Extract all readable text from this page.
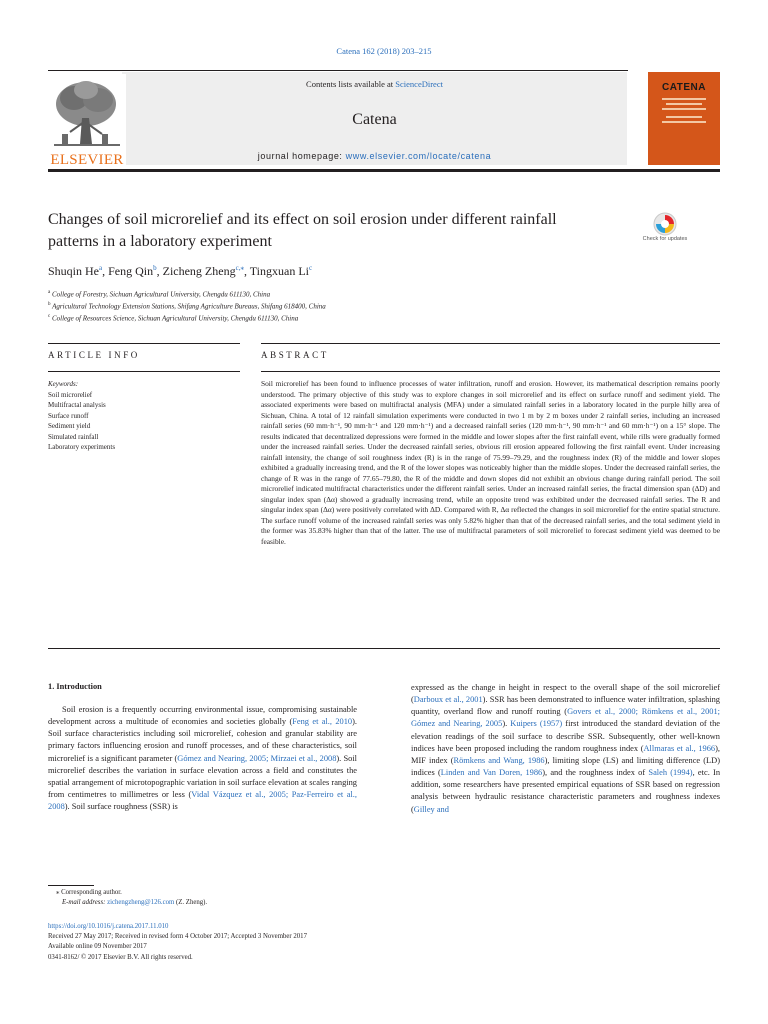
Catena 162 (2018) 203–215
ELSEVIER
Contents lists available at ScienceDirect
Catena
journal homepage: www.elsevier.com/locate/catena
CATENA
Changes of soil microrelief and its effect on soil erosion under different rainfall patterns in a laboratory experiment	Check for updates
Shuqin He$^a$, Feng Qin$^b$, Zicheng Zheng$^{c,⁎}$, Tingxuan Li$^c$
$^a$ College of Forestry, Sichuan Agricultural University, Chengdu 611130, China
$^b$ Agricultural Technology Extension Stations, Shifang Agriculture Bureaus, Shifang 618400, China
$^c$ College of Resources Science, Sichuan Agricultural University, Chengdu 611130, China
ARTICLE INFO	ABSTRACT
Keywords:
Soil microrelief
Multifractal analysis
Surface runoff
Sediment yield
Simulated rainfall
Laboratory experiments
Soil microrelief has been found to influence processes of water infiltration, runoff and erosion. However, its mathematical description remains poorly understood. The primary objective of this study was to explore changes in soil microrelief and its effect on surface runoff and sediment yield. The associated experiments were based on multifractal analysis (MFA) under a simulated rainfall series in a laboratory located in the purple hilly area of Sichuan, China. A total of 12 rainfall simulation experiments were conducted in two 1 m by 2 m boxes under 2 rainfall series, including an increased rainfall series (60 mm·h⁻¹, 90 mm·h⁻¹ and 120 mm·h⁻¹) and a decreased rainfall series (120 mm·h⁻¹, 90 mm·h⁻¹ and 60 mm·h⁻¹) on a 15° slope. The results indicated that decentralized depressions were formed in the middle and lower slopes after the first rainfall event, while rills were gradually formed under the increased rainfall series. Under the decreased rainfall series, obvious rill erosion appeared following the first rainfall event. Under increasing rainfall intensity, the change of soil roughness index (R) is in the range of 75.99–79.29, and the roughness index (R) of the middle and lower slopes exhibited a gradually increasing trend, and the R of the lower slopes was noticeably higher than the middle slopes. Under the decreased rainfall series, the change of R was in the range of 77.65–79.80, the R of the middle and down slopes did not exhibit an obvious change during rainfall period. The soil microrelief indicated multifractal characteristics under the different rainfall series. Under an increased rainfall series, the fractal dimension span (ΔD) and singular index span (Δα) showed a gradually increasing trend, while an opposite trend was exhibited under the decreased rainfall series. The R and singular index span (Δα) were positively correlated with ΔD. Compared with R, Δα reflected the changes in soil microrelief for the entire spatial structure. The surface runoff volume of the increased rainfall series was only 5.82% higher than that of the decreased rainfall series, and the total sediment yield in the former was 35.83% higher than that of the latter. The use of multifractal parameters of soil microrelief to forecast sediment yield was deemed to be feasible.
1. Introduction
Soil erosion is a frequently occurring environmental issue, compromising sustainable development across a multitude of economies and societies globally (Feng et al., 2010). Soil surface characteristics including soil microrelief, cohesion and granular stability are primary factors influencing erosion and runoff processes, and of these characteristics, soil microrelief is a significant parameter (Gómez and Nearing, 2005; Mirzaei et al., 2008). Soil microrelief describes the variation in surface elevation across a field and constitutes the spatial arrangement of microtopographic variation in soil surface elevation at scales ranging from centimetres to millimetres or less (Vidal Vázquez et al., 2005; Paz-Ferreiro et al., 2008). Soil surface roughness (SSR) is
expressed as the change in height in respect to the overall shape of the soil microrelief (Darboux et al., 2001). SSR has been demonstrated to influence water infiltration, splashing quantity, overland flow and runoff routing (Govers et al., 2000; Römkens et al., 2001; Gómez and Nearing, 2005). Kuipers (1957) first introduced the standard deviation of the elevation readings of the soil surface to describe SSR. Subsequently, other well-known indices have been proposed including the random roughness index (Allmaras et al., 1966), MIF index (Römkens and Wang, 1986), limiting slope (LS) and limiting difference (LD) indices (Linden and Van Doren, 1986), and the roughness index of Saleh (1994), etc. In addition, some researchers have presented empirical equations of SSR based on regression analysis between hydraulic resistance characteristic parameters and roughness indexes (Gilley and
⁎ Corresponding author.
E-mail address: zichengzheng@126.com (Z. Zheng).
https://doi.org/10.1016/j.catena.2017.11.010
Received 27 May 2017; Received in revised form 4 October 2017; Accepted 3 November 2017
Available online 09 November 2017
0341-8162/ © 2017 Elsevier B.V. All rights reserved.
